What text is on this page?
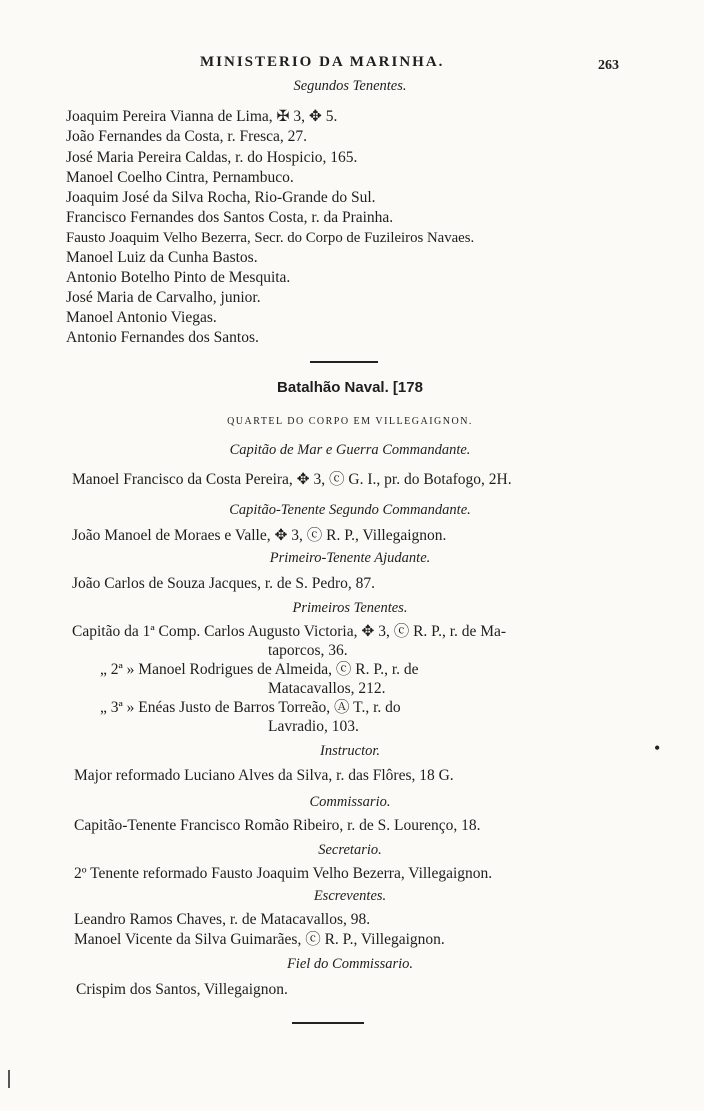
MINISTERIO DA MARINHA.	263
Segundos Tenentes.
Joaquim Pereira Vianna de Lima, ✠ 3, ✥ 5.
João Fernandes da Costa, r. Fresca, 27.
José Maria Pereira Caldas, r. do Hospicio, 165.
Manoel Coelho Cintra, Pernambuco.
Joaquim José da Silva Rocha, Rio-Grande do Sul.
Francisco Fernandes dos Santos Costa, r. da Prainha.
Fausto Joaquim Velho Bezerra, Secr. do Corpo de Fuzileiros Navaes.
Manoel Luiz da Cunha Bastos.
Antonio Botelho Pinto de Mesquita.
José Maria de Carvalho, junior.
Manoel Antonio Viegas.
Antonio Fernandes dos Santos.
Batalhão Naval. [178
QUARTEL DO CORPO EM VILLEGAIGNON.
Capitão de Mar e Guerra Commandante.
Manoel Francisco da Costa Pereira, ✥ 3, ⓒ G. I., pr. do Botafogo, 2H.
Capitão-Tenente Segundo Commandante.
João Manoel de Moraes e Valle, ✥ 3, ⓒ R. P., Villegaignon.
Primeiro-Tenente Ajudante.
João Carlos de Souza Jacques, r. de S. Pedro, 87.
Primeiros Tenentes.
Capitão da 1ª Comp. Carlos Augusto Victoria, ✥ 3, ⓒ R. P., r. de Ma-
taporcos, 36.
„ 2ª » Manoel Rodrigues de Almeida, ⓒ R. P., r. de
Matacavallos, 212.
„ 3ª » Enéas Justo de Barros Torreão, Ⓐ T., r. do
Lavradio, 103.
Instructor.
Major reformado Luciano Alves da Silva, r. das Flôres, 18 G.
Commissario.
Capitão-Tenente Francisco Romão Ribeiro, r. de S. Lourenço, 18.
Secretario.
2º Tenente reformado Fausto Joaquim Velho Bezerra, Villegaignon.
Escreventes.
Leandro Ramos Chaves, r. de Matacavallos, 98.
Manoel Vicente da Silva Guimarães, ⓒ R. P., Villegaignon.
Fiel do Commissario.
Crispim dos Santos, Villegaignon.
•
